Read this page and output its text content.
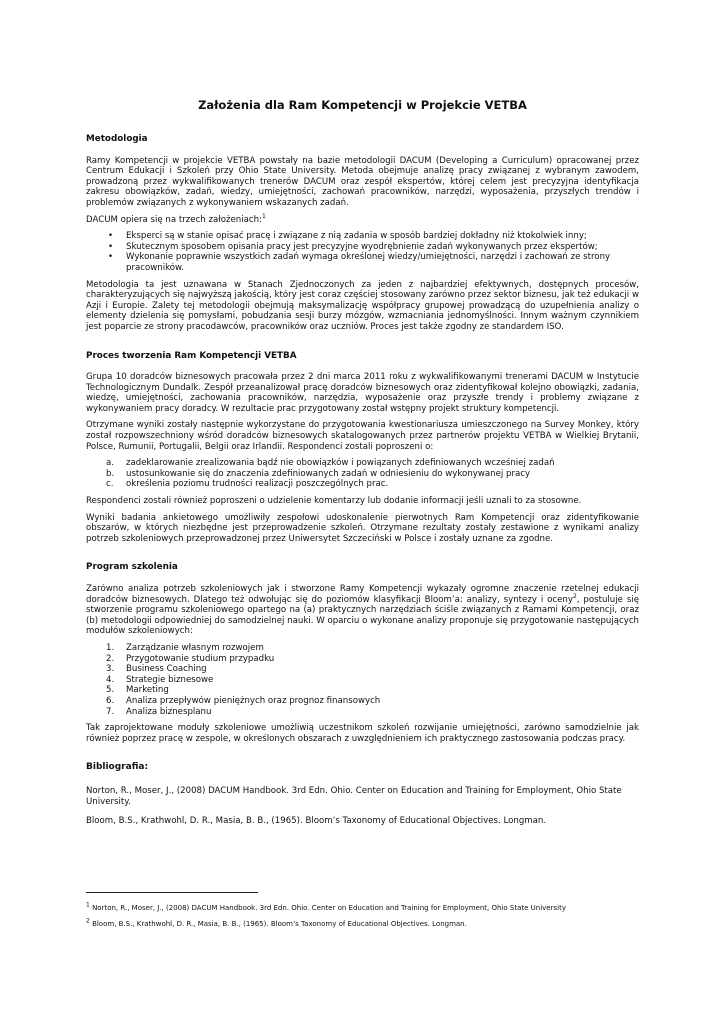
Założenia dla Ram Kompetencji w Projekcie VETBA
Metodologia

Ramy Kompetencji w projekcie VETBA powstały na bazie metodologii DACUM (Developing a Curriculum) opracowanej przez Centrum Edukacji i Szkoleń przy Ohio State University. Metoda obejmuje analizę pracy związanej z wybranym zawodem, prowadzoną przez wykwalifikowanych trenerów DACUM oraz zespół ekspertów, której celem jest precyzyjna identyfikacja zakresu obowiązków, zadań, wiedzy, umiejętności, zachowań pracowników, narzędzi, wyposażenia, przyszłych trendów i problemów związanych z wykonywaniem wskazanych zadań.

DACUM opiera się na trzech założeniach:$^1$

• Eksperci są w stanie opisać pracę i związane z nią zadania w sposób bardziej dokładny niż ktokolwiek inny;
• Skutecznym sposobem opisania pracy jest precyzyjne wyodrębnienie zadań wykonywanych przez ekspertów;
• Wykonanie poprawnie wszystkich zadań wymaga określonej wiedzy/umiejętności, narzędzi i zachowań ze strony pracowników.

Metodologia ta jest uznawana w Stanach Zjednoczonych za jeden z najbardziej efektywnych, dostępnych procesów, charakteryzujących się najwyższą jakością, który jest coraz częściej stosowany zarówno przez sektor biznesu, jak też edukacji w Azji i Europie. Zalety tej metodologii obejmują maksymalizację współpracy grupowej prowadzącą do uzupełnienia analizy o elementy dzielenia się pomysłami, pobudzania sesji burzy mózgów, wzmacniania jednomyślności. Innym ważnym czynnikiem jest poparcie ze strony pracodawców, pracowników oraz uczniów. Proces jest także zgodny ze standardem ISO.

Proces tworzenia Ram Kompetencji VETBA

Grupa 10 doradców biznesowych pracowała przez 2 dni marca 2011 roku z wykwalifikowanymi trenerami DACUM w Instytucie Technologicznym Dundalk. Zespół przeanalizował pracę doradców biznesowych oraz zidentyfikował kolejno obowiązki, zadania, wiedzę, umiejętności, zachowania pracowników, narzędzia, wyposażenie oraz przyszłe trendy i problemy związane z wykonywaniem pracy doradcy. W rezultacie prac przygotowany został wstępny projekt struktury kompetencji.

Otrzymane wyniki zostały następnie wykorzystane do przygotowania kwestionariusza umieszczonego na Survey Monkey, który został rozpowszechniony wśród doradców biznesowych skatalogowanych przez partnerów projektu VETBA w Wielkiej Brytanii, Polsce, Rumunii, Portugalii, Belgii oraz Irlandii. Respondenci zostali poproszeni o:

a. zadeklarowanie zrealizowania bądź nie obowiązków i powiązanych zdefiniowanych wcześniej zadań
b. ustosunkowanie się do znaczenia zdefiniowanych zadań w odniesieniu do wykonywanej pracy
c. określenia poziomu trudności realizacji poszczególnych prac.

Respondenci zostali również poproszeni o udzielenie komentarzy lub dodanie informacji jeśli uznali to za stosowne.

Wyniki badania ankietowego umożliwiły zespołowi udoskonalenie pierwotnych Ram Kompetencji oraz zidentyfikowanie obszarów, w których niezbędne jest przeprowadzenie szkoleń. Otrzymane rezultaty zostały zestawione z wynikami analizy potrzeb szkoleniowych przeprowadzonej przez Uniwersytet Szczeciński w Polsce i zostały uznane za zgodne.

Program szkolenia

Zarówno analiza potrzeb szkoleniowych jak i stworzone Ramy Kompetencji wykazały ogromne znaczenie rzetelnej edukacji doradców biznesowych. Dlatego też odwołując się do poziomów klasyfikacji Bloom’a: analizy, syntezy i oceny$^2$, postuluje się stworzenie programu szkoleniowego opartego na (a) praktycznych narzędziach ściśle związanych z Ramami Kompetencji, oraz (b) metodologii odpowiedniej do samodzielnej nauki. W oparciu o wykonane analizy proponuje się przygotowanie następujących modułów szkoleniowych:

1. Zarządzanie własnym rozwojem
2. Przygotowanie studium przypadku
3. Business Coaching
4. Strategie biznesowe
5. Marketing
6. Analiza przepływów pieniężnych oraz prognoz finansowych
7. Analiza biznesplanu

Tak zaprojektowane moduły szkoleniowe umożliwią uczestnikom szkoleń rozwijanie umiejętności, zarówno samodzielnie jak również poprzez pracę w zespole, w określonych obszarach z uwzględnieniem ich praktycznego zastosowania podczas pracy.

Bibliografia:

Norton, R., Moser, J., (2008) DACUM Handbook. 3rd Edn. Ohio. Center on Education and Training for Employment, Ohio State University.

Bloom, B.S., Krathwohl, D. R., Masia, B. B., (1965). Bloom’s Taxonomy of Educational Objectives. Longman.

1 Norton, R., Moser, J., (2008) DACUM Handbook. 3rd Edn. Ohio. Center on Education and Training for Employment, Ohio State University

2 Bloom, B.S., Krathwohl, D. R., Masia, B. B., (1965). Bloom’s Taxonomy of Educational Objectives. Longman.
